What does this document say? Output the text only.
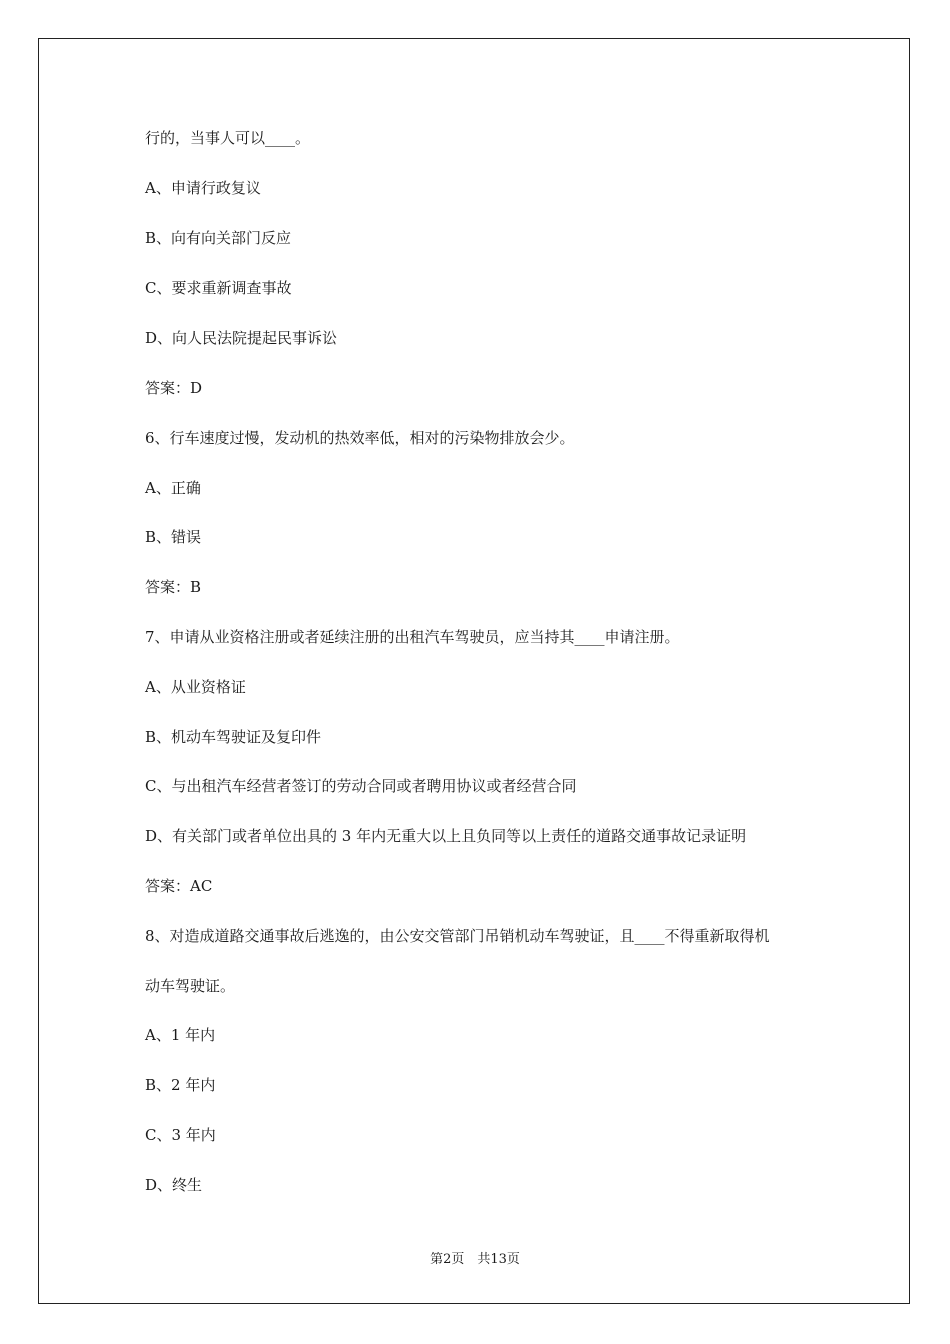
行的，当事人可以____。
A、申请行政复议
B、向有向关部门反应
C、要求重新调查事故
D、向人民法院提起民事诉讼
答案：D
6、行车速度过慢，发动机的热效率低，相对的污染物排放会少。
A、正确
B、错误
答案：B
7、申请从业资格注册或者延续注册的出租汽车驾驶员，应当持其____申请注册。
A、从业资格证
B、机动车驾驶证及复印件
C、与出租汽车经营者签订的劳动合同或者聘用协议或者经营合同
D、有关部门或者单位出具的 3 年内无重大以上且负同等以上责任的道路交通事故记录证明
答案：AC
8、对造成道路交通事故后逃逸的，由公安交管部门吊销机动车驾驶证，且____不得重新取得机
动车驾驶证。
A、1 年内
B、2 年内
C、3 年内
D、终生
第2页　共13页
